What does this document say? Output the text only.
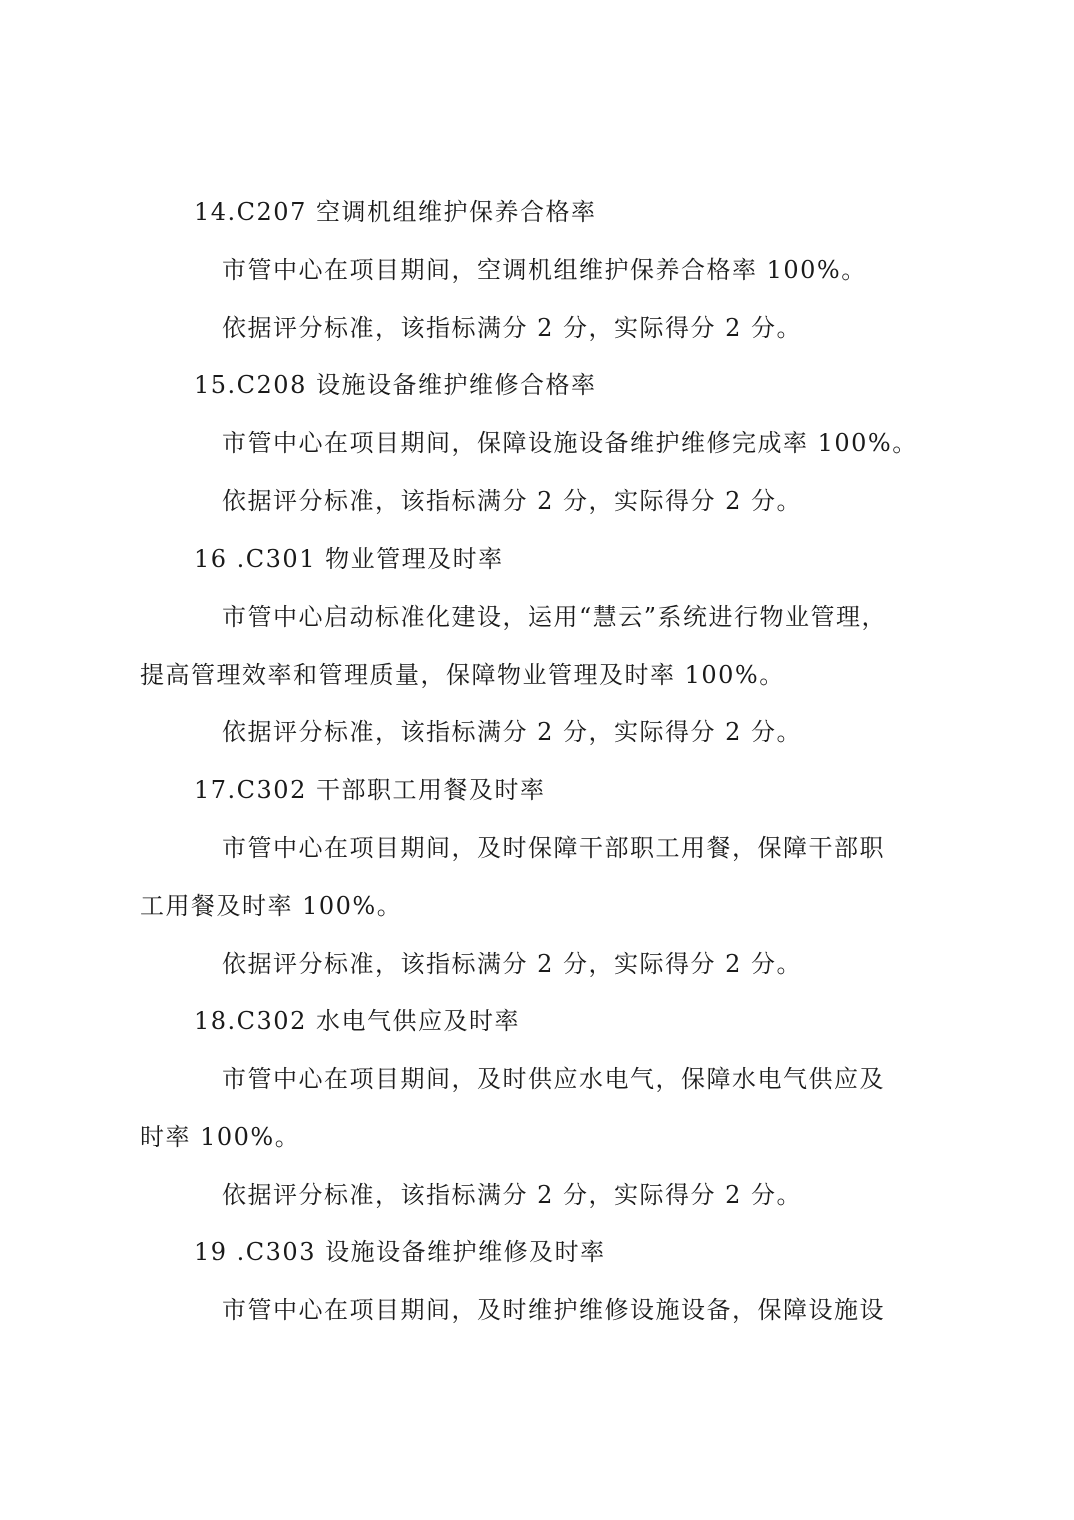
14.C207 空调机组维护保养合格率
市管中心在项目期间，空调机组维护保养合格率 100%。
依据评分标准，该指标满分 2 分，实际得分 2 分。
15.C208 设施设备维护维修合格率
市管中心在项目期间，保障设施设备维护维修完成率 100%。
依据评分标准，该指标满分 2 分，实际得分 2 分。
16 .C301 物业管理及时率
市管中心启动标准化建设，运用“慧云”系统进行物业管理，
提高管理效率和管理质量，保障物业管理及时率 100%。
依据评分标准，该指标满分 2 分，实际得分 2 分。
17.C302 干部职工用餐及时率
市管中心在项目期间，及时保障干部职工用餐，保障干部职
工用餐及时率 100%。
依据评分标准，该指标满分 2 分，实际得分 2 分。
18.C302 水电气供应及时率
市管中心在项目期间，及时供应水电气，保障水电气供应及
时率 100%。
依据评分标准，该指标满分 2 分，实际得分 2 分。
19 .C303 设施设备维护维修及时率
市管中心在项目期间，及时维护维修设施设备，保障设施设
